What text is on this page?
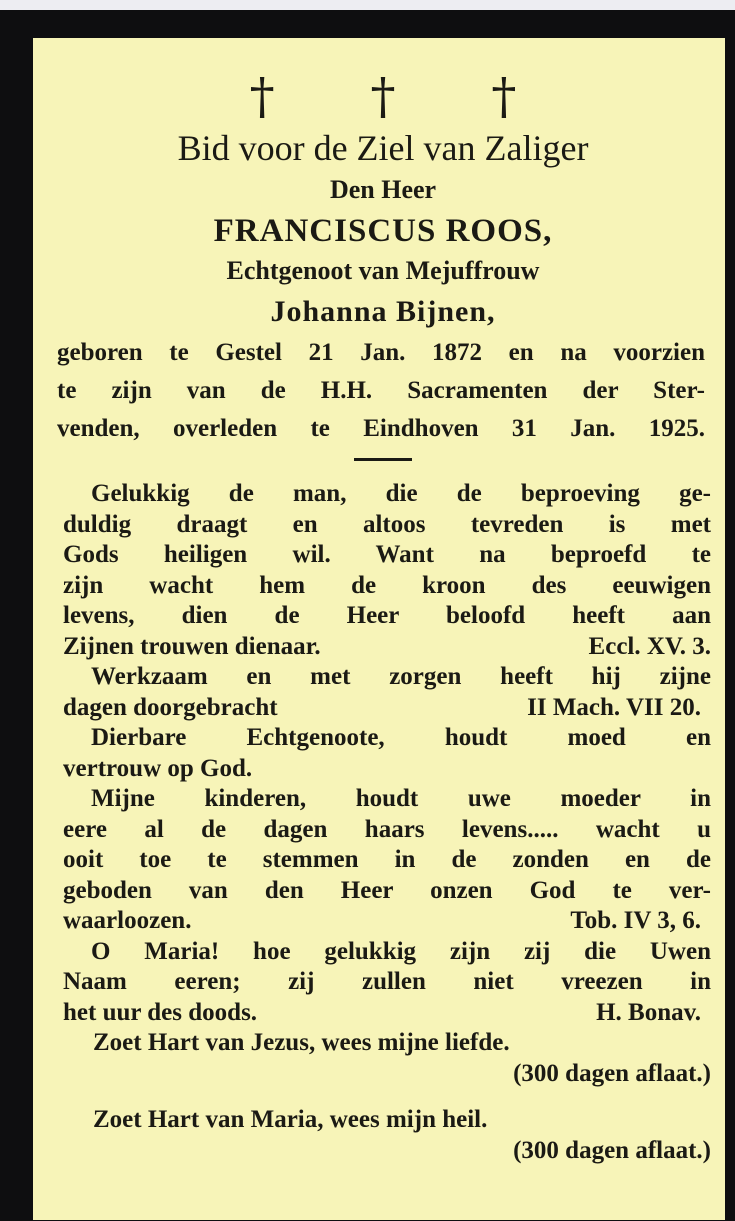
† † †
Bid voor de Ziel van Zaliger
Den Heer
FRANCISCUS ROOS,
Echtgenoot van Mejuffrouw
Johanna Bijnen,
geboren te Gestel 21 Jan. 1872 en na voorzien
te zijn van de H.H. Sacramenten der Ster-
venden, overleden te Eindhoven 31 Jan. 1925.
Gelukkig de man, die de beproeving ge-
duldig draagt en altoos tevreden is met
Gods heiligen wil. Want na beproefd te
zijn wacht hem de kroon des eeuwigen
levens, dien de Heer beloofd heeft aan
Zijnen trouwen dienaar.	Eccl. XV. 3.
Werkzaam en met zorgen heeft hij zijne
dagen doorgebracht	II Mach. VII 20.
Dierbare Echtgenoote, houdt moed en
vertrouw op God.
Mijne kinderen, houdt uwe moeder in
eere al de dagen haars levens..... wacht u
ooit toe te stemmen in de zonden en de
geboden van den Heer onzen God te ver-
waarloozen.	Tob. IV 3, 6.
O Maria! hoe gelukkig zijn zij die Uwen
Naam eeren; zij zullen niet vreezen in
het uur des doods.	H. Bonav.
Zoet Hart van Jezus, wees mijne liefde.
(300 dagen aflaat.)
Zoet Hart van Maria, wees mijn heil.
(300 dagen aflaat.)
